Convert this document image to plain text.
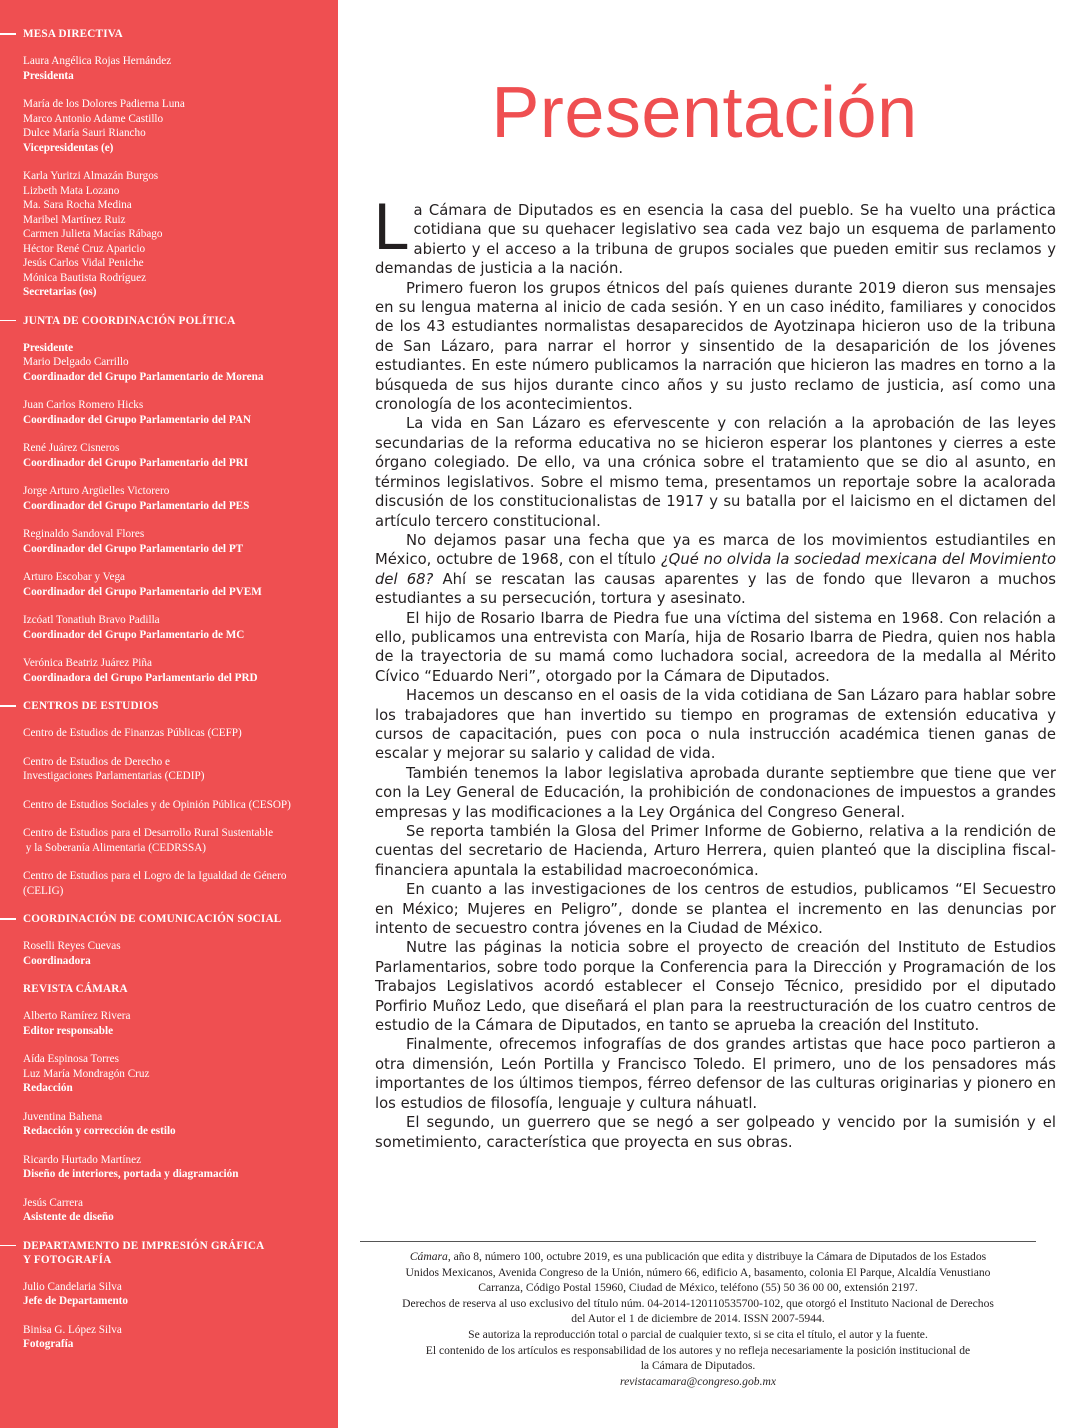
MESA DIRECTIVA
Laura Angélica Rojas Hernández
Presidenta
María de los Dolores Padierna Luna
Marco Antonio Adame Castillo
Dulce María Sauri Riancho
Vicepresidentas (e)
Karla Yuritzi Almazán Burgos
Lizbeth Mata Lozano
Ma. Sara Rocha Medina
Maribel Martínez Ruiz
Carmen Julieta Macías Rábago
Héctor René Cruz Aparicio
Jesús Carlos Vidal Peniche
Mónica Bautista Rodríguez
Secretarias (os)
JUNTA DE COORDINACIÓN POLÍTICA
Presidente
Mario Delgado Carrillo
Coordinador del Grupo Parlamentario de Morena
Juan Carlos Romero Hicks
Coordinador del Grupo Parlamentario del PAN
René Juárez Cisneros
Coordinador del Grupo Parlamentario del PRI
Jorge Arturo Argüelles Victorero
Coordinador del Grupo Parlamentario del PES
Reginaldo Sandoval Flores
Coordinador del Grupo Parlamentario del PT
Arturo Escobar y Vega
Coordinador del Grupo Parlamentario del PVEM
Izcóatl Tonatiuh Bravo Padilla
Coordinador del Grupo Parlamentario de MC
Verónica Beatriz Juárez Piña
Coordinadora del Grupo Parlamentario del PRD
CENTROS DE ESTUDIOS
Centro de Estudios de Finanzas Públicas (CEFP)
Centro de Estudios de Derecho e
Investigaciones Parlamentarias (CEDIP)
Centro de Estudios Sociales y de Opinión Pública (CESOP)
Centro de Estudios para el Desarrollo Rural Sustentable
y la Soberanía Alimentaria (CEDRSSA)
Centro de Estudios para el Logro de la Igualdad de Género
(CELIG)
COORDINACIÓN DE COMUNICACIÓN SOCIAL
Roselli Reyes Cuevas
Coordinadora
REVISTA CÁMARA
Alberto Ramírez Rivera
Editor responsable
Aída Espinosa Torres
Luz María Mondragón Cruz
Redacción
Juventina Bahena
Redacción y corrección de estilo
Ricardo Hurtado Martínez
Diseño de interiores, portada y diagramación
Jesús Carrera
Asistente de diseño
DEPARTAMENTO DE IMPRESIÓN GRÁFICA
Y FOTOGRAFÍA
Julio Candelaria Silva
Jefe de Departamento
Binisa G. López Silva
Fotografía
Presentación

La Cámara de Diputados es en esencia la casa del pueblo. Se ha vuelto una práctica cotidiana que su quehacer legislativo sea cada vez bajo un esquema de parlamento abierto y el acceso a la tribuna de grupos sociales que pueden emitir sus reclamos y demandas de justicia a la nación.

Primero fueron los grupos étnicos del país quienes durante 2019 dieron sus mensajes en su lengua materna al inicio de cada sesión. Y en un caso inédito, familiares y conocidos de los 43 estudiantes normalistas desaparecidos de Ayotzinapa hicieron uso de la tribuna de San Lázaro, para narrar el horror y sinsentido de la desaparición de los jóvenes estudiantes. En este número publicamos la narración que hicieron las madres en torno a la búsqueda de sus hijos durante cinco años y su justo reclamo de justicia, así como una cronología de los acontecimientos.

La vida en San Lázaro es efervescente y con relación a la aprobación de las leyes secundarias de la reforma educativa no se hicieron esperar los plantones y cierres a este órgano colegiado. De ello, va una crónica sobre el tratamiento que se dio al asunto, en términos legislativos. Sobre el mismo tema, presentamos un reportaje sobre la acalorada discusión de los constitucionalistas de 1917 y su batalla por el laicismo en el dictamen del artículo tercero constitucional.

No dejamos pasar una fecha que ya es marca de los movimientos estudiantiles en México, octubre de 1968, con el título ¿Qué no olvida la sociedad mexicana del Movimiento del 68? Ahí se rescatan las causas aparentes y las de fondo que llevaron a muchos estudiantes a su persecución, tortura y asesinato.

El hijo de Rosario Ibarra de Piedra fue una víctima del sistema en 1968. Con relación a ello, publicamos una entrevista con María, hija de Rosario Ibarra de Piedra, quien nos habla de la trayectoria de su mamá como luchadora social, acreedora de la medalla al Mérito Cívico “Eduardo Neri”, otorgado por la Cámara de Diputados.

Hacemos un descanso en el oasis de la vida cotidiana de San Lázaro para hablar sobre los trabajadores que han invertido su tiempo en programas de extensión educativa y cursos de capacitación, pues con poca o nula instrucción académica tienen ganas de escalar y mejorar su salario y calidad de vida.

También tenemos la labor legislativa aprobada durante septiembre que tiene que ver con la Ley General de Educación, la prohibición de condonaciones de impuestos a grandes empresas y las modificaciones a la Ley Orgánica del Congreso General.

Se reporta también la Glosa del Primer Informe de Gobierno, relativa a la rendición de cuentas del secretario de Hacienda, Arturo Herrera, quien planteó que la disciplina fiscal-financiera apuntala la estabilidad macroeconómica.

En cuanto a las investigaciones de los centros de estudios, publicamos “El Secuestro en México; Mujeres en Peligro”, donde se plantea el incremento en las denuncias por intento de secuestro contra jóvenes en la Ciudad de México.

Nutre las páginas la noticia sobre el proyecto de creación del Instituto de Estudios Parlamentarios, sobre todo porque la Conferencia para la Dirección y Programación de los Trabajos Legislativos acordó establecer el Consejo Técnico, presidido por el diputado Porfirio Muñoz Ledo, que diseñará el plan para la reestructuración de los cuatro centros de estudio de la Cámara de Diputados, en tanto se aprueba la creación del Instituto.

Finalmente, ofrecemos infografías de dos grandes artistas que hace poco partieron a otra dimensión, León Portilla y Francisco Toledo. El primero, uno de los pensadores más importantes de los últimos tiempos, férreo defensor de las culturas originarias y pionero en los estudios de filosofía, lenguaje y cultura náhuatl.

El segundo, un guerrero que se negó a ser golpeado y vencido por la sumisión y el sometimiento, característica que proyecta en sus obras.

Cámara, año 8, número 100, octubre 2019, es una publicación que edita y distribuye la Cámara de Diputados de los Estados
Unidos Mexicanos, Avenida Congreso de la Unión, número 66, edificio A, basamento, colonia El Parque, Alcaldía Venustiano
Carranza, Código Postal 15960, Ciudad de México, teléfono (55) 50 36 00 00, extensión 2197.
Derechos de reserva al uso exclusivo del título núm. 04-2014-120110535700-102, que otorgó el Instituto Nacional de Derechos
del Autor el 1 de diciembre de 2014. ISSN 2007-5944.
Se autoriza la reproducción total o parcial de cualquier texto, si se cita el título, el autor y la fuente.
El contenido de los artículos es responsabilidad de los autores y no refleja necesariamente la posición institucional de
la Cámara de Diputados.
revistacamara@congreso.gob.mx
